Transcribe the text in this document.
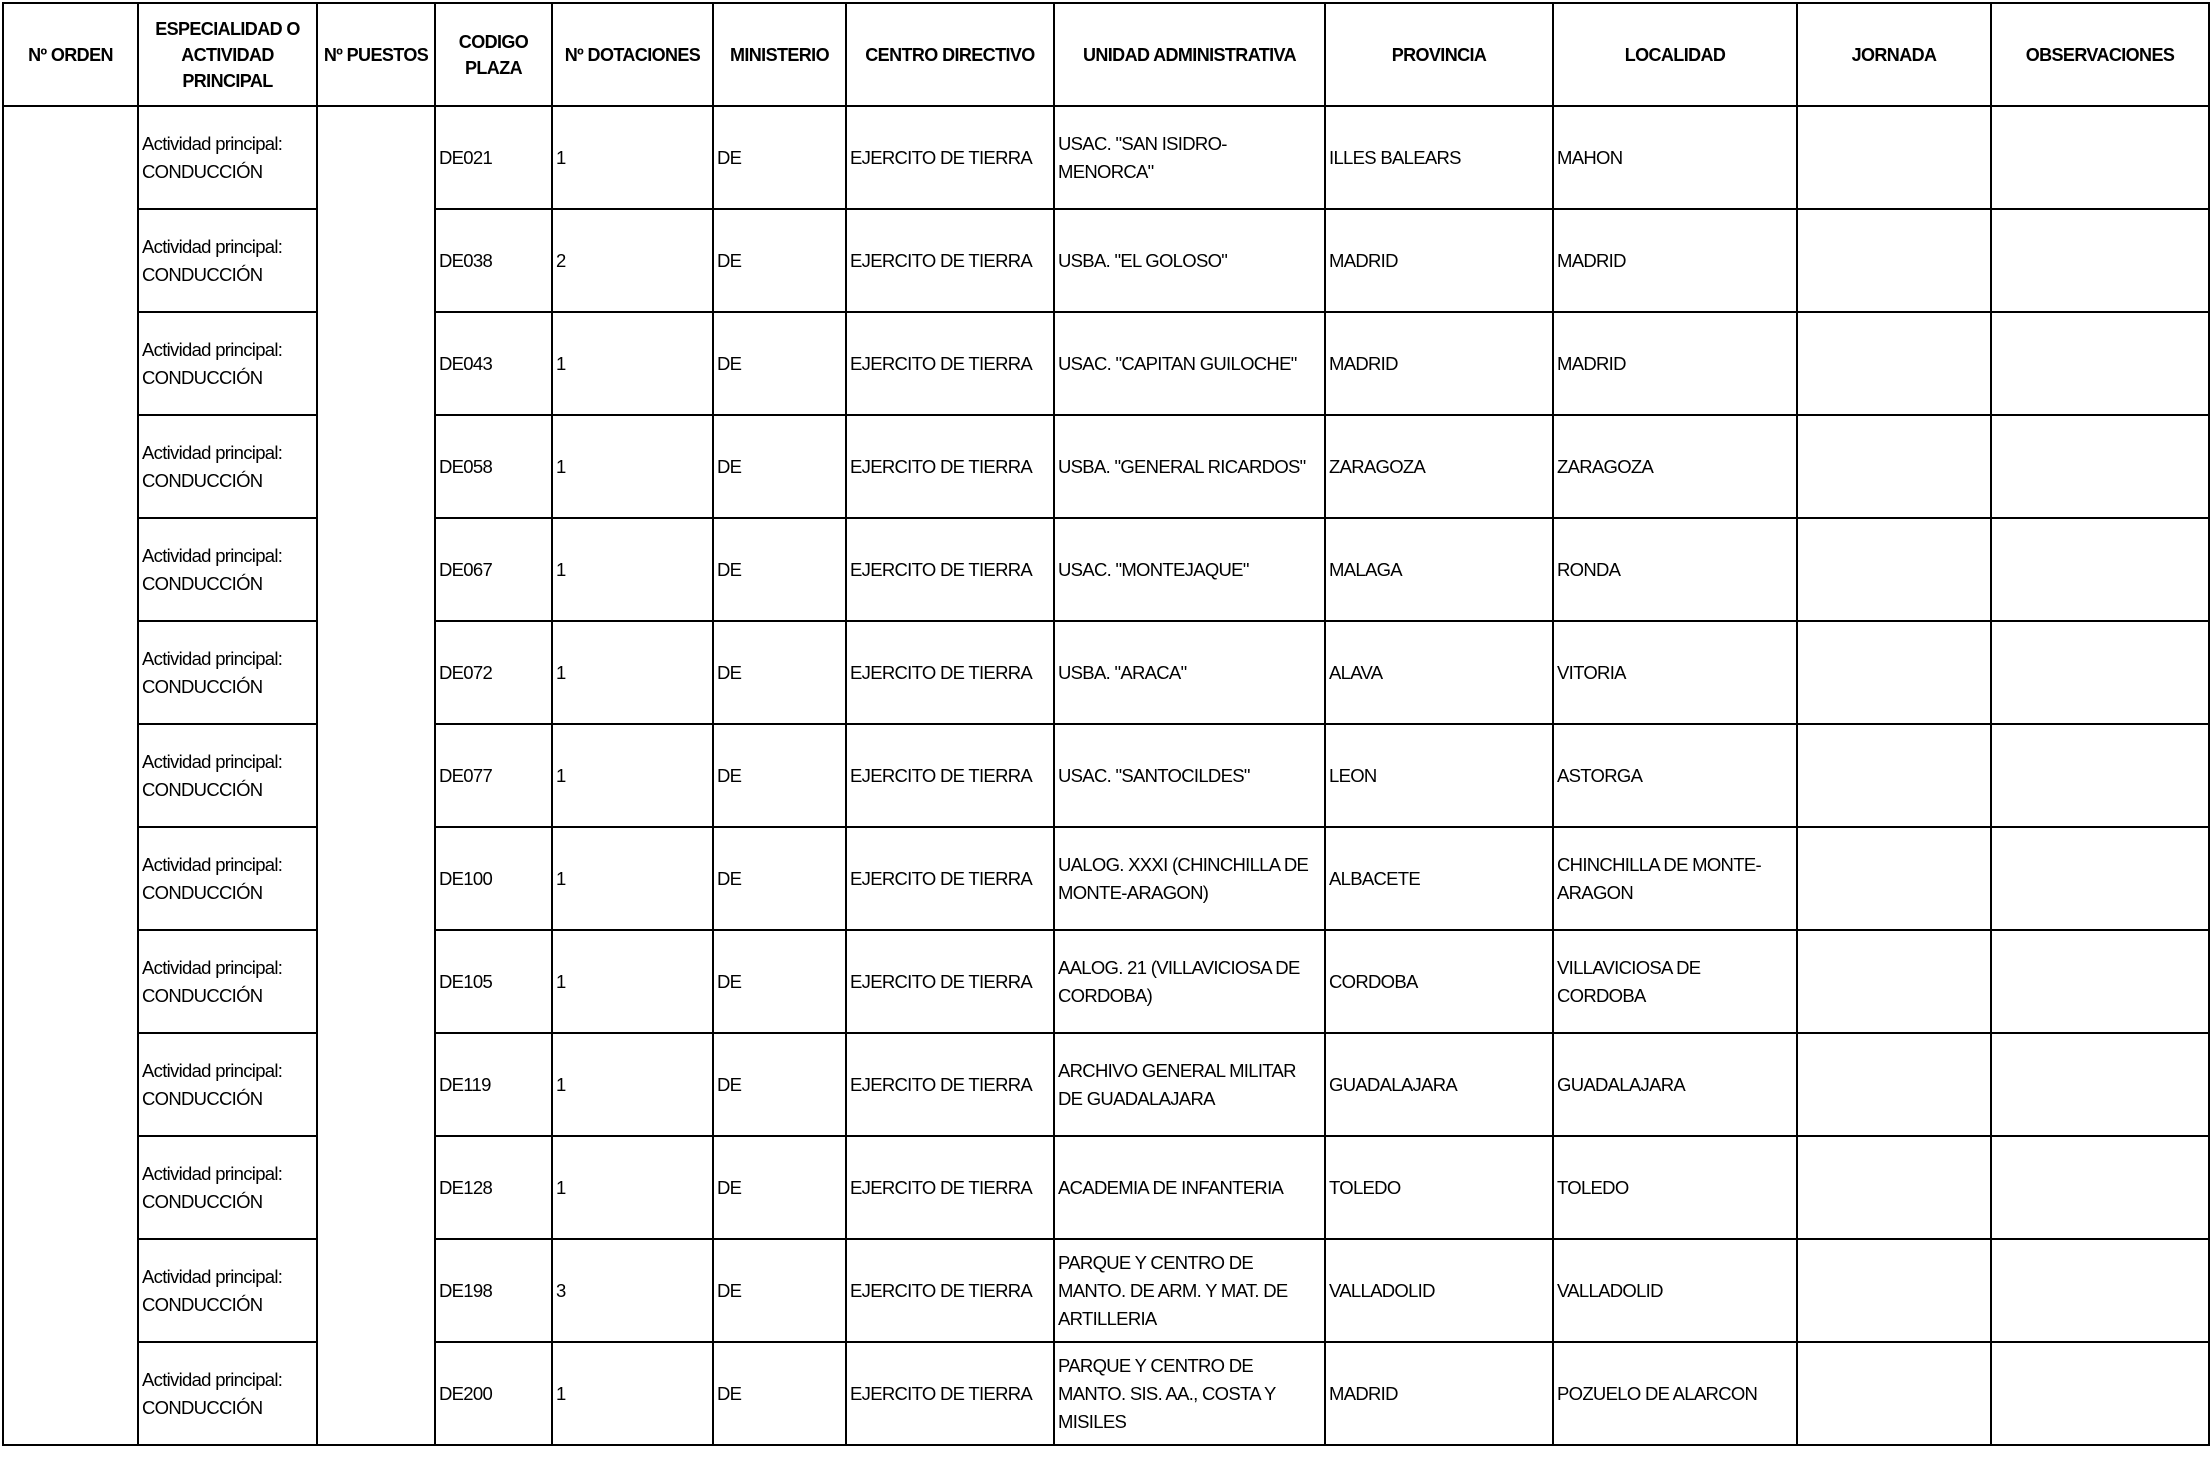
Nº ORDEN	ESPECIALIDAD O ACTIVIDAD PRINCIPAL	Nº PUESTOS	CODIGO PLAZA	Nº DOTACIONES	MINISTERIO	CENTRO DIRECTIVO	UNIDAD ADMINISTRATIVA	PROVINCIA	LOCALIDAD	JORNADA	OBSERVACIONES
	Actividad principal: CONDUCCIÓN		DE021	1	DE	EJERCITO DE TIERRA	USAC. "SAN ISIDRO-MENORCA"	ILLES BALEARS	MAHON		
	Actividad principal: CONDUCCIÓN		DE038	2	DE	EJERCITO DE TIERRA	USBA. "EL GOLOSO"	MADRID	MADRID		
	Actividad principal: CONDUCCIÓN		DE043	1	DE	EJERCITO DE TIERRA	USAC. "CAPITAN GUILOCHE"	MADRID	MADRID		
	Actividad principal: CONDUCCIÓN		DE058	1	DE	EJERCITO DE TIERRA	USBA. "GENERAL RICARDOS"	ZARAGOZA	ZARAGOZA		
	Actividad principal: CONDUCCIÓN		DE067	1	DE	EJERCITO DE TIERRA	USAC. "MONTEJAQUE"	MALAGA	RONDA		
	Actividad principal: CONDUCCIÓN		DE072	1	DE	EJERCITO DE TIERRA	USBA. "ARACA"	ALAVA	VITORIA		
	Actividad principal: CONDUCCIÓN		DE077	1	DE	EJERCITO DE TIERRA	USAC. "SANTOCILDES"	LEON	ASTORGA		
	Actividad principal: CONDUCCIÓN		DE100	1	DE	EJERCITO DE TIERRA	UALOG. XXXI (CHINCHILLA DE MONTE-ARAGON)	ALBACETE	CHINCHILLA DE MONTE-ARAGON		
	Actividad principal: CONDUCCIÓN		DE105	1	DE	EJERCITO DE TIERRA	AALOG. 21 (VILLAVICIOSA DE CORDOBA)	CORDOBA	VILLAVICIOSA DE CORDOBA		
	Actividad principal: CONDUCCIÓN		DE119	1	DE	EJERCITO DE TIERRA	ARCHIVO GENERAL MILITAR DE GUADALAJARA	GUADALAJARA	GUADALAJARA		
	Actividad principal: CONDUCCIÓN		DE128	1	DE	EJERCITO DE TIERRA	ACADEMIA DE INFANTERIA	TOLEDO	TOLEDO		
	Actividad principal: CONDUCCIÓN		DE198	3	DE	EJERCITO DE TIERRA	PARQUE Y CENTRO DE MANTO. DE ARM. Y MAT. DE ARTILLERIA	VALLADOLID	VALLADOLID		
	Actividad principal: CONDUCCIÓN		DE200	1	DE	EJERCITO DE TIERRA	PARQUE Y CENTRO DE MANTO. SIS. AA., COSTA Y MISILES	MADRID	POZUELO DE ALARCON		
